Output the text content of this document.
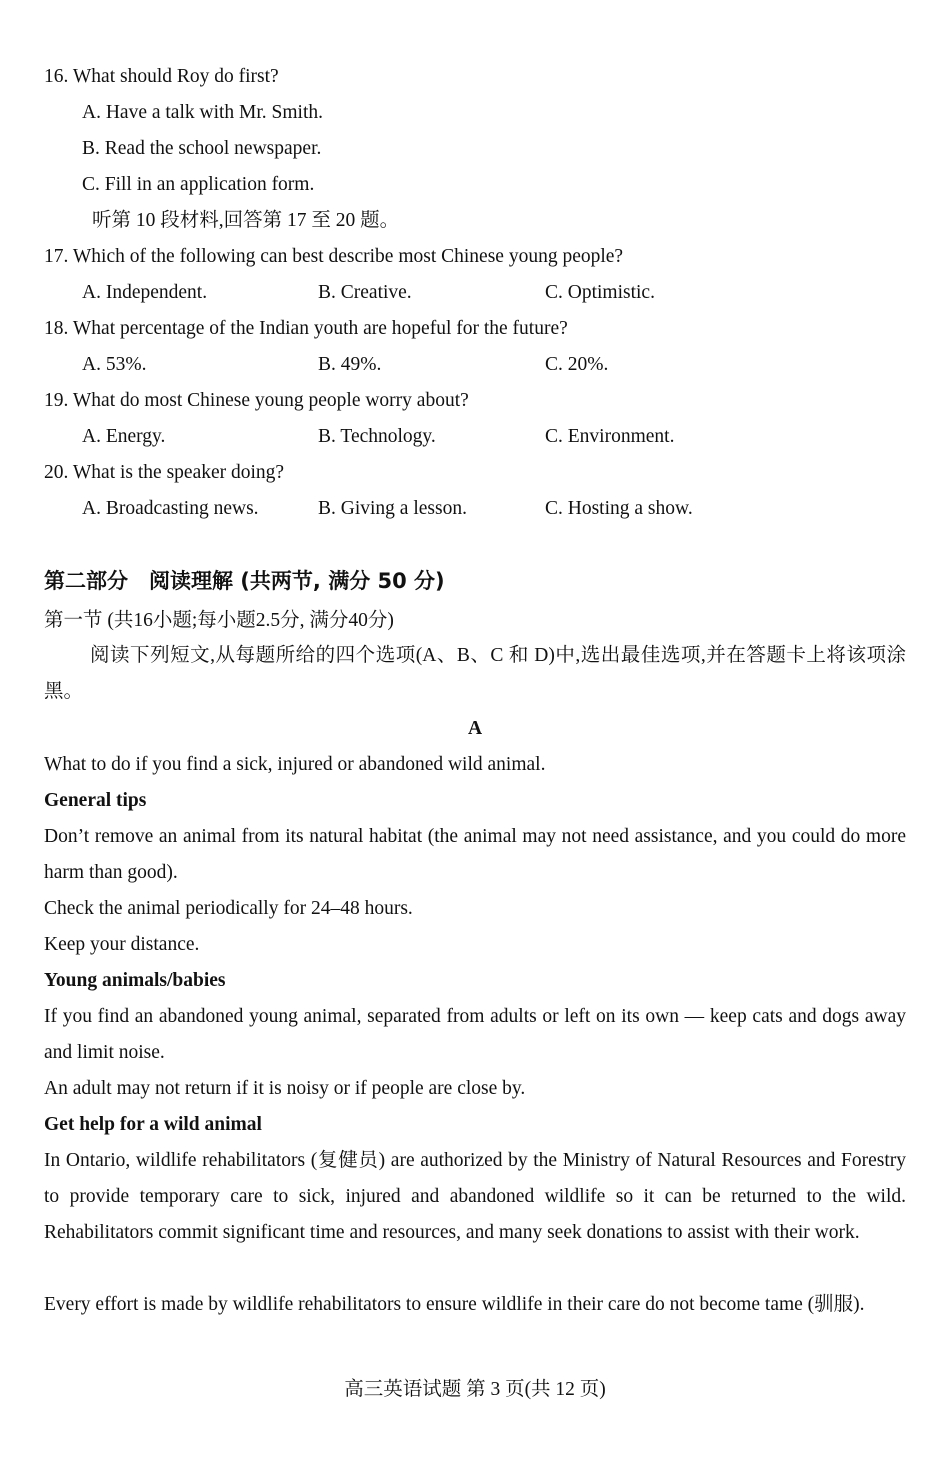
16. What should Roy do first?
A. Have a talk with Mr. Smith.
B. Read the school newspaper.
C. Fill in an application form.
听第 10 段材料,回答第 17 至 20 题。
17. Which of the following can best describe most Chinese young people?
A. Independent.	B. Creative.	C. Optimistic.
18. What percentage of the Indian youth are hopeful for the future?
A. 53%.	B. 49%.	C. 20%.
19. What do most Chinese young people worry about?
A. Energy.	B. Technology.	C. Environment.
20. What is the speaker doing?
A. Broadcasting news.	B. Giving a lesson.	C. Hosting a show.
第二部分　阅读理解 (共两节, 满分 50 分)
第一节 (共16小题;每小题2.5分, 满分40分)
阅读下列短文,从每题所给的四个选项(A、B、C 和 D)中,选出最佳选项,并在答题卡上将该项涂黑。
A
What to do if you find a sick, injured or abandoned wild animal.
General tips
Don’t remove an animal from its natural habitat (the animal may not need assistance, and you could do more harm than good).
Check the animal periodically for 24–48 hours.
Keep your distance.
Young animals/babies
If you find an abandoned young animal, separated from adults or left on its own — keep cats and dogs away and limit noise.
An adult may not return if it is noisy or if people are close by.
Get help for a wild animal
In Ontario, wildlife rehabilitators (复健员) are authorized by the Ministry of Natural Resources and Forestry to provide temporary care to sick, injured and abandoned wildlife so it can be returned to the wild. Rehabilitators commit significant time and resources, and many seek donations to assist with their work.
Every effort is made by wildlife rehabilitators to ensure wildlife in their care do not become tame (驯服).
高三英语试题 第 3 页(共 12 页)
